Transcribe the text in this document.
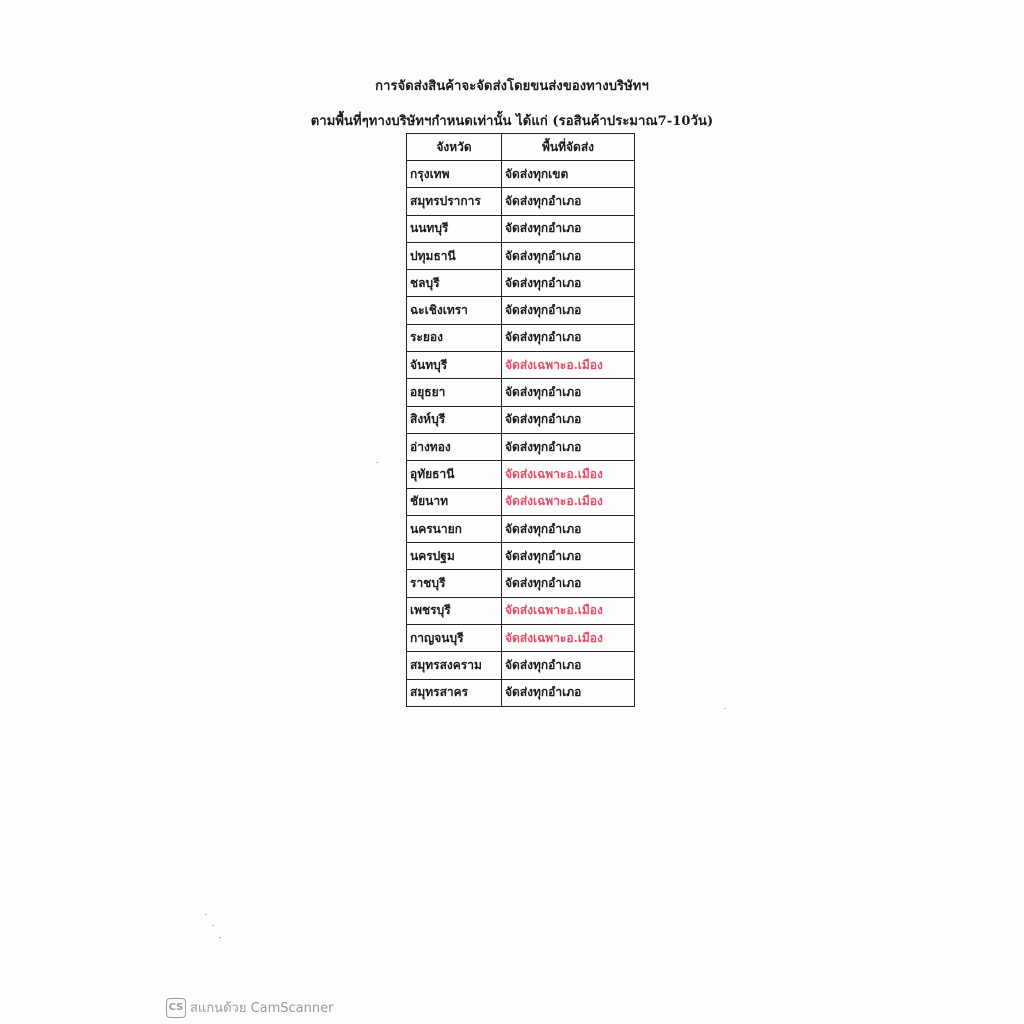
การจัดส่งสินค้าจะจัดส่งโดยขนส่งของทางบริษัทฯ
ตามพื้นที่ๆทางบริษัทฯกำหนดเท่านั้น ได้แก่ (รอสินค้าประมาณ7-10วัน)
จังหวัด	พื้นที่จัดส่ง
กรุงเทพ	จัดส่งทุกเขต
สมุทรปราการ	จัดส่งทุกอำเภอ
นนทบุรี	จัดส่งทุกอำเภอ
ปทุมธานี	จัดส่งทุกอำเภอ
ชลบุรี	จัดส่งทุกอำเภอ
ฉะเชิงเทรา	จัดส่งทุกอำเภอ
ระยอง	จัดส่งทุกอำเภอ
จันทบุรี	จัดส่งเฉพาะอ.เมือง
อยุธยา	จัดส่งทุกอำเภอ
สิงห์บุรี	จัดส่งทุกอำเภอ
อ่างทอง	จัดส่งทุกอำเภอ
อุทัยธานี	จัดส่งเฉพาะอ.เมือง
ชัยนาท	จัดส่งเฉพาะอ.เมือง
นครนายก	จัดส่งทุกอำเภอ
นครปฐม	จัดส่งทุกอำเภอ
ราชบุรี	จัดส่งทุกอำเภอ
เพชรบุรี	จัดส่งเฉพาะอ.เมือง
กาญจนบุรี	จัดส่งเฉพาะอ.เมือง
สมุทรสงคราม	จัดส่งทุกอำเภอ
สมุทรสาคร	จัดส่งทุกอำเภอ
CS สแกนด้วย CamScanner
